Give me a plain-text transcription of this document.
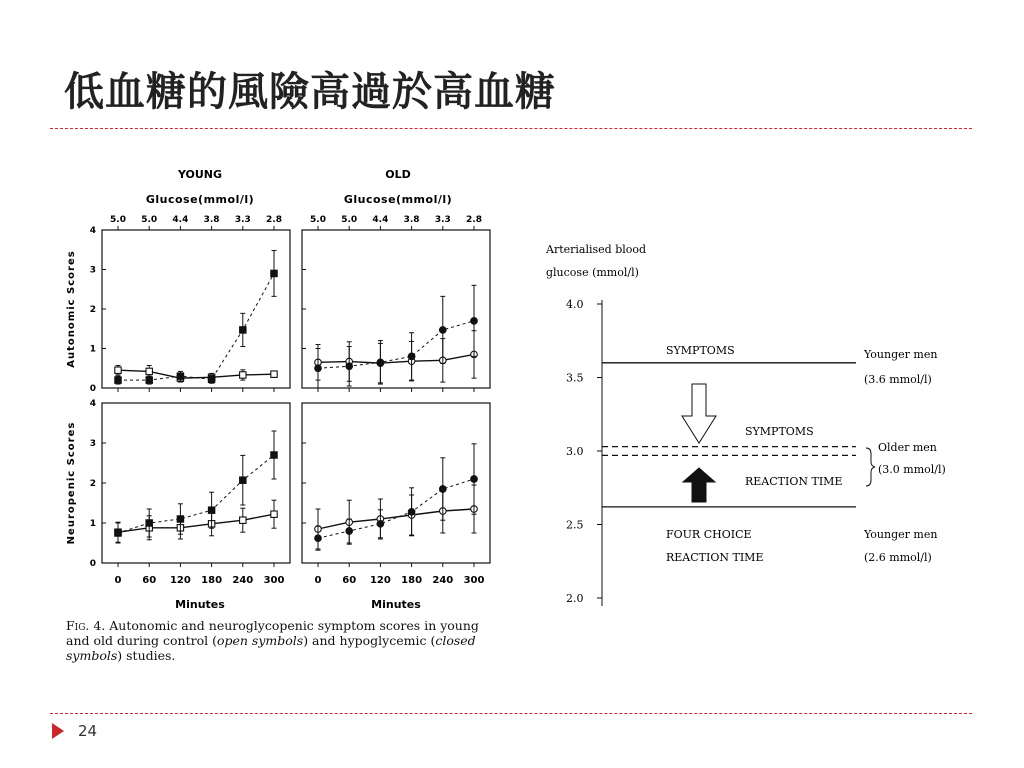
低血糖的風險高過於高血糖
YOUNG	OLD
Glucose(mmol/l)	Glucose(mmol/l)
0
1
2
3
4
5.0 5.0 4.4 3.8 3.3 2.8
Autonomic Scores
5.0 5.0 4.4 3.8 3.3 2.8
0
1
2
3
4
0 60 120 180 240 300
Neuropenic Scores
0 60 120 180 240 300
Minutes	Minutes
Fig. 4. Autonomic and neuroglycopenic symptom scores in young and old during control (open symbols) and hypoglycemic (closed symbols) studies.
Arterialised blood
glucose (mmol/l)
4.0
3.5
3.0
2.5
2.0
SYMPTOMS	Younger men
(3.6 mmol/l)
SYMPTOMS
Older men
(3.0 mmol/l)
REACTION TIME
FOUR CHOICE
REACTION TIME
Younger men
(2.6 mmol/l)
24
